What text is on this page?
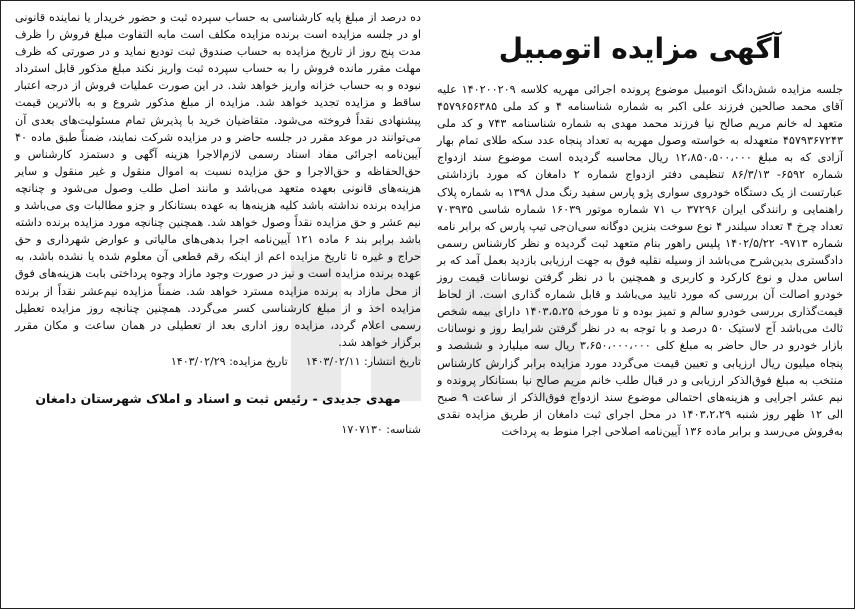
آگهی مزایده اتومبیل

جلسه مزایده شش‌دانگ اتومبیل موضوع پرونده اجرائی مهریه کلاسه ۱۴۰۲۰۰۲۰۹ علیه آقای محمد صالحین فرزند علی اکبر به شماره شناسنامه ۴ و کد ملی ۴۵۷۹۶۵۶۳۸۵ متعهد له خانم مریم صالح نیا فرزند محمد مهدی به شماره شناسنامه ۷۴۳ و کد ملی ۴۵۷۹۳۶۷۲۴۳ متعهدله به خواسته وصول مهریه به تعداد پنجاه عدد سکه طلای تمام بهار آزادی که به مبلغ ۱۲،۸۵۰،۵۰۰،۰۰۰ ریال محاسبه گردیده است موضوع سند ازدواج شماره ۶۵۹۲- ۸۶/۳/۱۳ تنظیمی دفتر ازدواج شماره ۲ دامغان که مورد بازداشتی عبارتست از یک دستگاه خودروی سواری پژو پارس سفید رنگ مدل ۱۳۹۸ به شماره پلاک راهنمایی و رانندگی ایران ۳۷۲۹۶ ب ۷۱ شماره موتور ۱۶۰۳۹ شماره شاسی ۷۰۳۹۳۵ تعداد چرخ ۴ تعداد سیلندر ۴ نوع سوخت بنزین دوگانه سی‌ان‌جی تیپ پارس که برابر نامه شماره ۹۷۱۳- ۱۴۰۲/۵/۲۲ پلیس راهور بنام متعهد ثبت گردیده و نظر کارشناس رسمی دادگستری بدین‌شرح می‌باشد از وسیله نقلیه فوق به جهت ارزیابی بازدید بعمل آمد که بر اساس مدل و نوع کارکرد و کاربری و همچنین با در نظر گرفتن نوسانات قیمت روز خودرو اصالت آن بررسی که مورد تایید می‌باشد و قابل شماره گذاری است. از لحاظ قیمت‌گذاری بررسی خودرو سالم و تمیز بوده و تا مورخه ۱۴۰۳،۵،۲۵ دارای بیمه شخص ثالث می‌باشد آج لاستیک ۵۰ درصد و با توجه به در نظر گرفتن شرایط روز و نوسانات بازار خودرو در حال حاضر به مبلغ کلی ۳،۶۵۰،۰۰۰،۰۰۰ ریال سه میلیارد و ششصد و پنجاه میلیون ریال ارزیابی و تعیین قیمت می‌گردد مورد مزایده برابر گزارش کارشناس منتخب به مبلغ فوق‌الذکر ارزیابی و در قبال طلب خانم مریم صالح نیا بستانکار پرونده و نیم عشر اجرایی و هزینه‌های احتمالی موضوع سند ازدواج فوق‌الذکر از ساعت ۹ صبح الی ۱۲ ظهر روز شنبه ۱۴۰۳،۲،۲۹ در محل اجرای ثبت دامغان از طریق مزایده نقدی به‌فروش می‌رسد و برابر ماده ۱۳۶ آیین‌نامه اصلاحی اجرا منوط به پرداخت

ده درصد از مبلغ پایه کارشناسی به حساب سپرده ثبت و حضور خریدار یا نماینده قانونی او در جلسه مزایده است برنده مزایده مکلف است مابه التفاوت مبلغ فروش را ظرف مدت پنج روز از تاریخ مزایده به حساب صندوق ثبت تودیع نماید و در صورتی که ظرف مهلت مقرر مانده فروش را به حساب سپرده ثبت واریز نکند مبلغ مذکور قابل استرداد نبوده و به حساب خزانه واریز خواهد شد. در این صورت عملیات فروش از درجه اعتبار ساقط و مزایده تجدید خواهد شد. مزایده از مبلغ مذکور شروع و به بالاترین قیمت پیشنهادی نقداً فروخته می‌شود. متقاضیان خرید با پذیرش تمام مسئولیت‌های بعدی آن می‌توانند در موعد مقرر در جلسه حاضر و در مزایده شرکت نمایند، ضمناً طبق ماده ۴۰ آیین‌نامه اجرائی مفاد اسناد رسمی لازم‌الاجرا هزینه آگهی و دستمزد کارشناس و حق‌الحفاظه و حق‌الاجرا و حق مزایده نسبت به اموال منقول و غیر منقول و سایر هزینه‌های قانونی بعهده متعهد می‌باشد و مانند اصل طلب وصول می‌شود و چنانچه مزایده برنده نداشته باشد کلیه هزینه‌ها به عهده بستانکار و جزو مطالبات وی می‌باشد و نیم عشر و حق مزایده نقداً وصول خواهد شد. همچنین چنانچه مورد مزایده برنده داشته باشد برابر بند ۶ ماده ۱۲۱ آیین‌نامه اجرا بدهی‌های مالیاتی و عوارض شهرداری و حق حراج و غیره تا تاریخ مزایده اعم از اینکه رقم قطعی آن معلوم شده یا نشده باشد، به عهده برنده مزایده است و نیز در صورت وجود مازاد وجوه پرداختی بابت هزینه‌های فوق از محل مازاد به برنده مزایده مسترد خواهد شد. ضمناً مزایده نیم‌عشر نقداً از برنده مزایده اخذ و از مبلغ کارشناسی کسر می‌گردد. همچنین چنانچه روز مزایده تعطیل رسمی اعلام گردد، مزایده روز اداری بعد از تعطیلی در همان ساعت و مکان مقرر برگزار خواهد شد.

تاریخ انتشار: ۱۴۰۳/۰۲/۱۱
تاریخ مزایده: ۱۴۰۳/۰۲/۲۹
مهدی جدیدی - رئیس ثبت و اسناد و املاک شهرستان دامغان
شناسه: ۱۷۰۷۱۳۰
